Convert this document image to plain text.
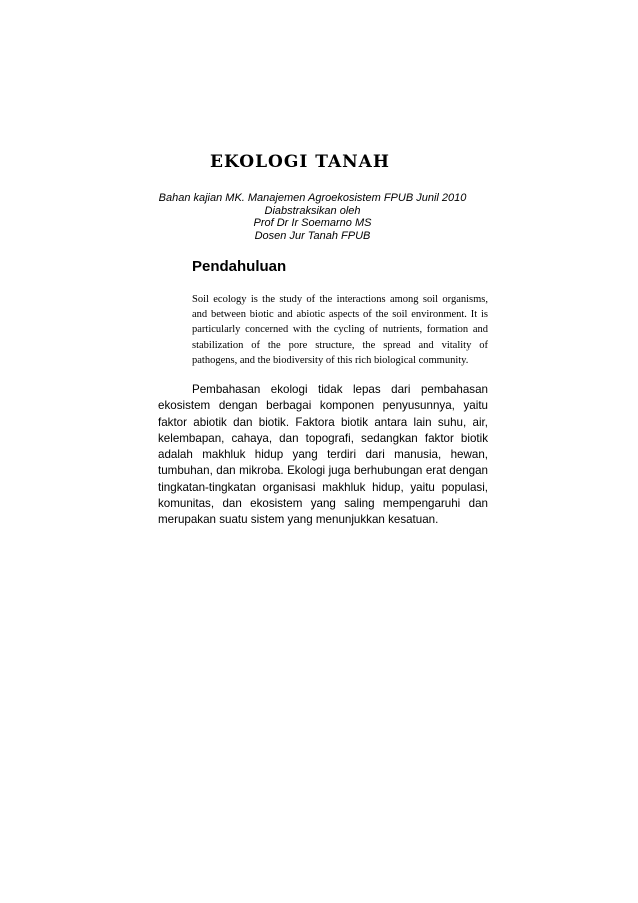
EKOLOGI TANAH
Bahan kajian MK. Manajemen Agroekosistem FPUB Junil 2010
Diabstraksikan oleh
Prof Dr Ir Soemarno MS
Dosen Jur Tanah FPUB
Pendahuluan
Soil ecology is the study of the interactions among soil organisms, and between biotic and abiotic aspects of the soil environment. It is particularly concerned with the cycling of nutrients, formation and stabilization of the pore structure, the spread and vitality of pathogens, and the biodiversity of this rich biological community.
Pembahasan ekologi tidak lepas dari pembahasan ekosistem dengan berbagai komponen penyusunnya, yaitu faktor abiotik dan biotik. Faktora biotik antara lain suhu, air, kelembapan, cahaya, dan topografi, sedangkan faktor biotik adalah makhluk hidup yang terdiri dari manusia, hewan, tumbuhan, dan mikroba. Ekologi juga berhubungan erat dengan tingkatan-tingkatan organisasi makhluk hidup, yaitu populasi, komunitas, dan ekosistem yang saling mempengaruhi dan merupakan suatu sistem yang menunjukkan kesatuan.
